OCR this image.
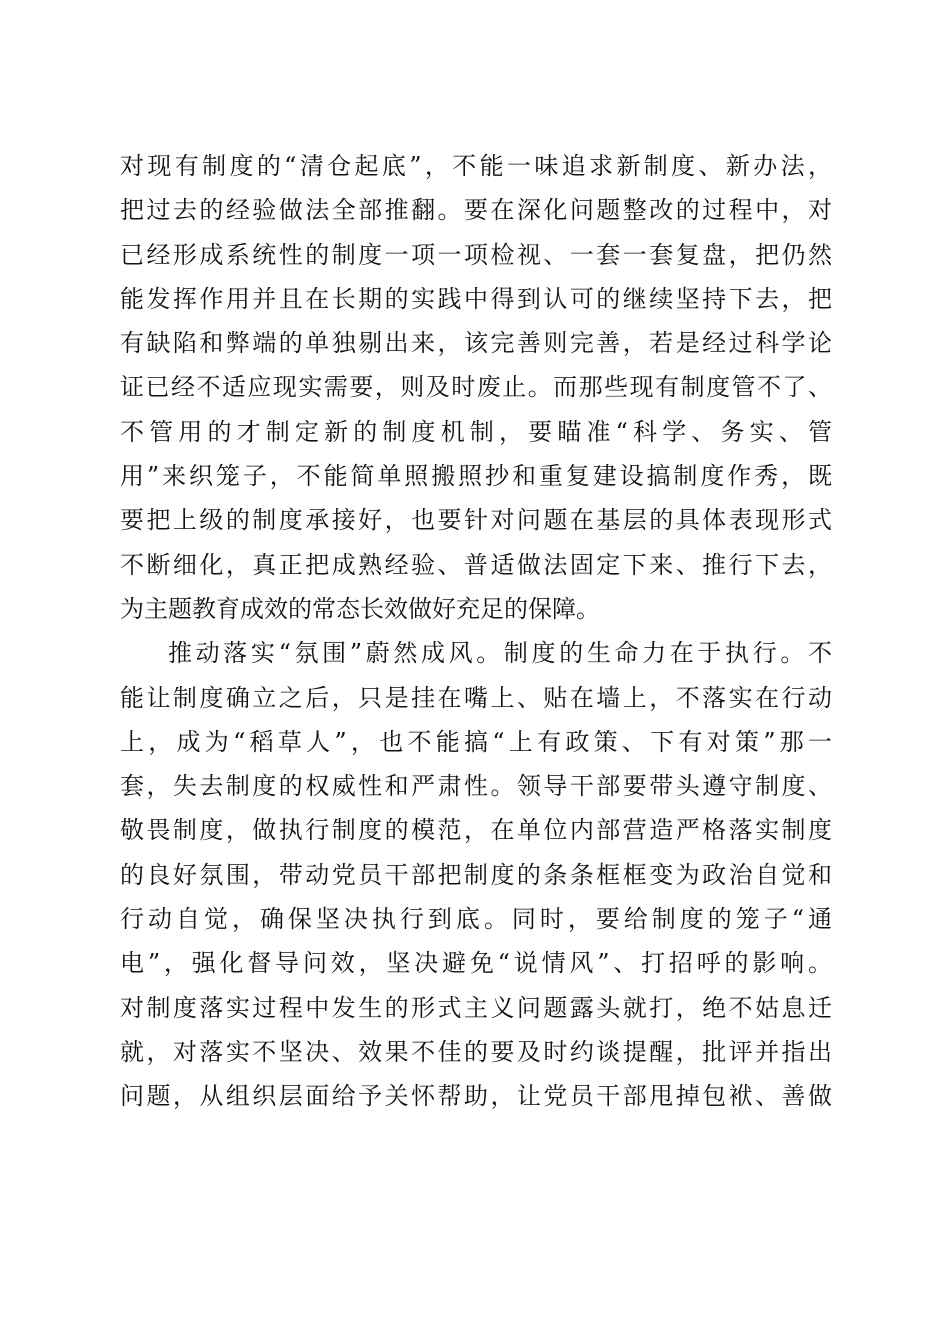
对现有制度的“清仓起底”，不能一味追求新制度、新办法，
把过去的经验做法全部推翻。要在深化问题整改的过程中，对
已经形成系统性的制度一项一项检视、一套一套复盘，把仍然
能发挥作用并且在长期的实践中得到认可的继续坚持下去，把
有缺陷和弊端的单独剔出来，该完善则完善，若是经过科学论
证已经不适应现实需要，则及时废止。而那些现有制度管不了、
不管用的才制定新的制度机制，要瞄准“科学、务实、管
用”来织笼子，不能简单照搬照抄和重复建设搞制度作秀，既
要把上级的制度承接好，也要针对问题在基层的具体表现形式
不断细化，真正把成熟经验、普适做法固定下来、推行下去，
为主题教育成效的常态长效做好充足的保障。
推动落实“氛围”蔚然成风。制度的生命力在于执行。不
能让制度确立之后，只是挂在嘴上、贴在墙上，不落实在行动
上，成为“稻草人”，也不能搞“上有政策、下有对策”那一
套，失去制度的权威性和严肃性。领导干部要带头遵守制度、
敬畏制度，做执行制度的模范，在单位内部营造严格落实制度
的良好氛围，带动党员干部把制度的条条框框变为政治自觉和
行动自觉，确保坚决执行到底。同时，要给制度的笼子“通
电”，强化督导问效，坚决避免“说情风”、打招呼的影响。
对制度落实过程中发生的形式主义问题露头就打，绝不姑息迁
就，对落实不坚决、效果不佳的要及时约谈提醒，批评并指出
问题，从组织层面给予关怀帮助，让党员干部甩掉包袱、善做
